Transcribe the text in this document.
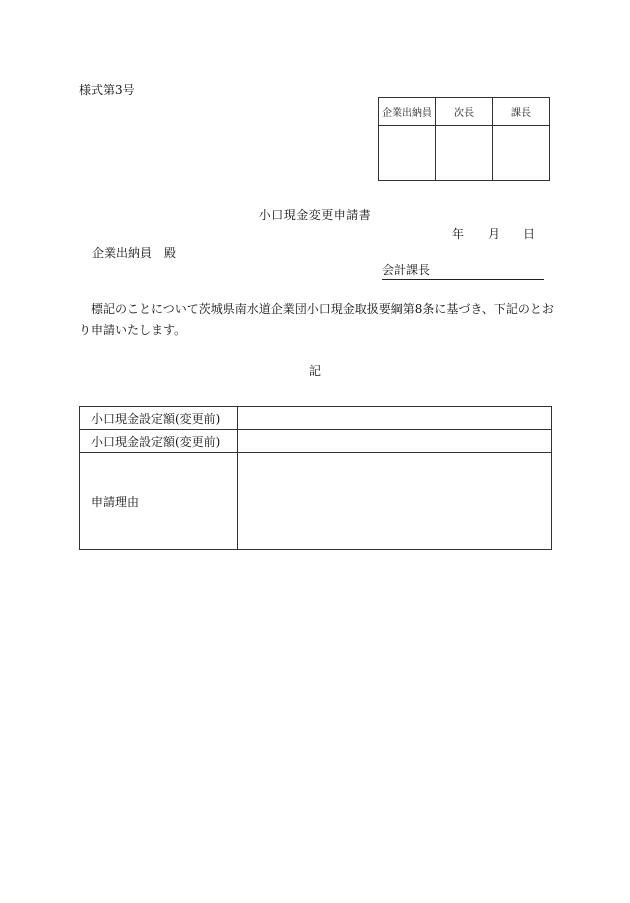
様式第3号
企業出納員	次長	課長

小口現金変更申請書
年 月 日
企業出納員　殿
会計課長
　標記のことについて茨城県南水道企業団小口現金取扱要綱第8条に基づき、下記のとおり申請いたします。
記
小口現金設定額(変更前)	
小口現金設定額(変更前)	
申請理由	
